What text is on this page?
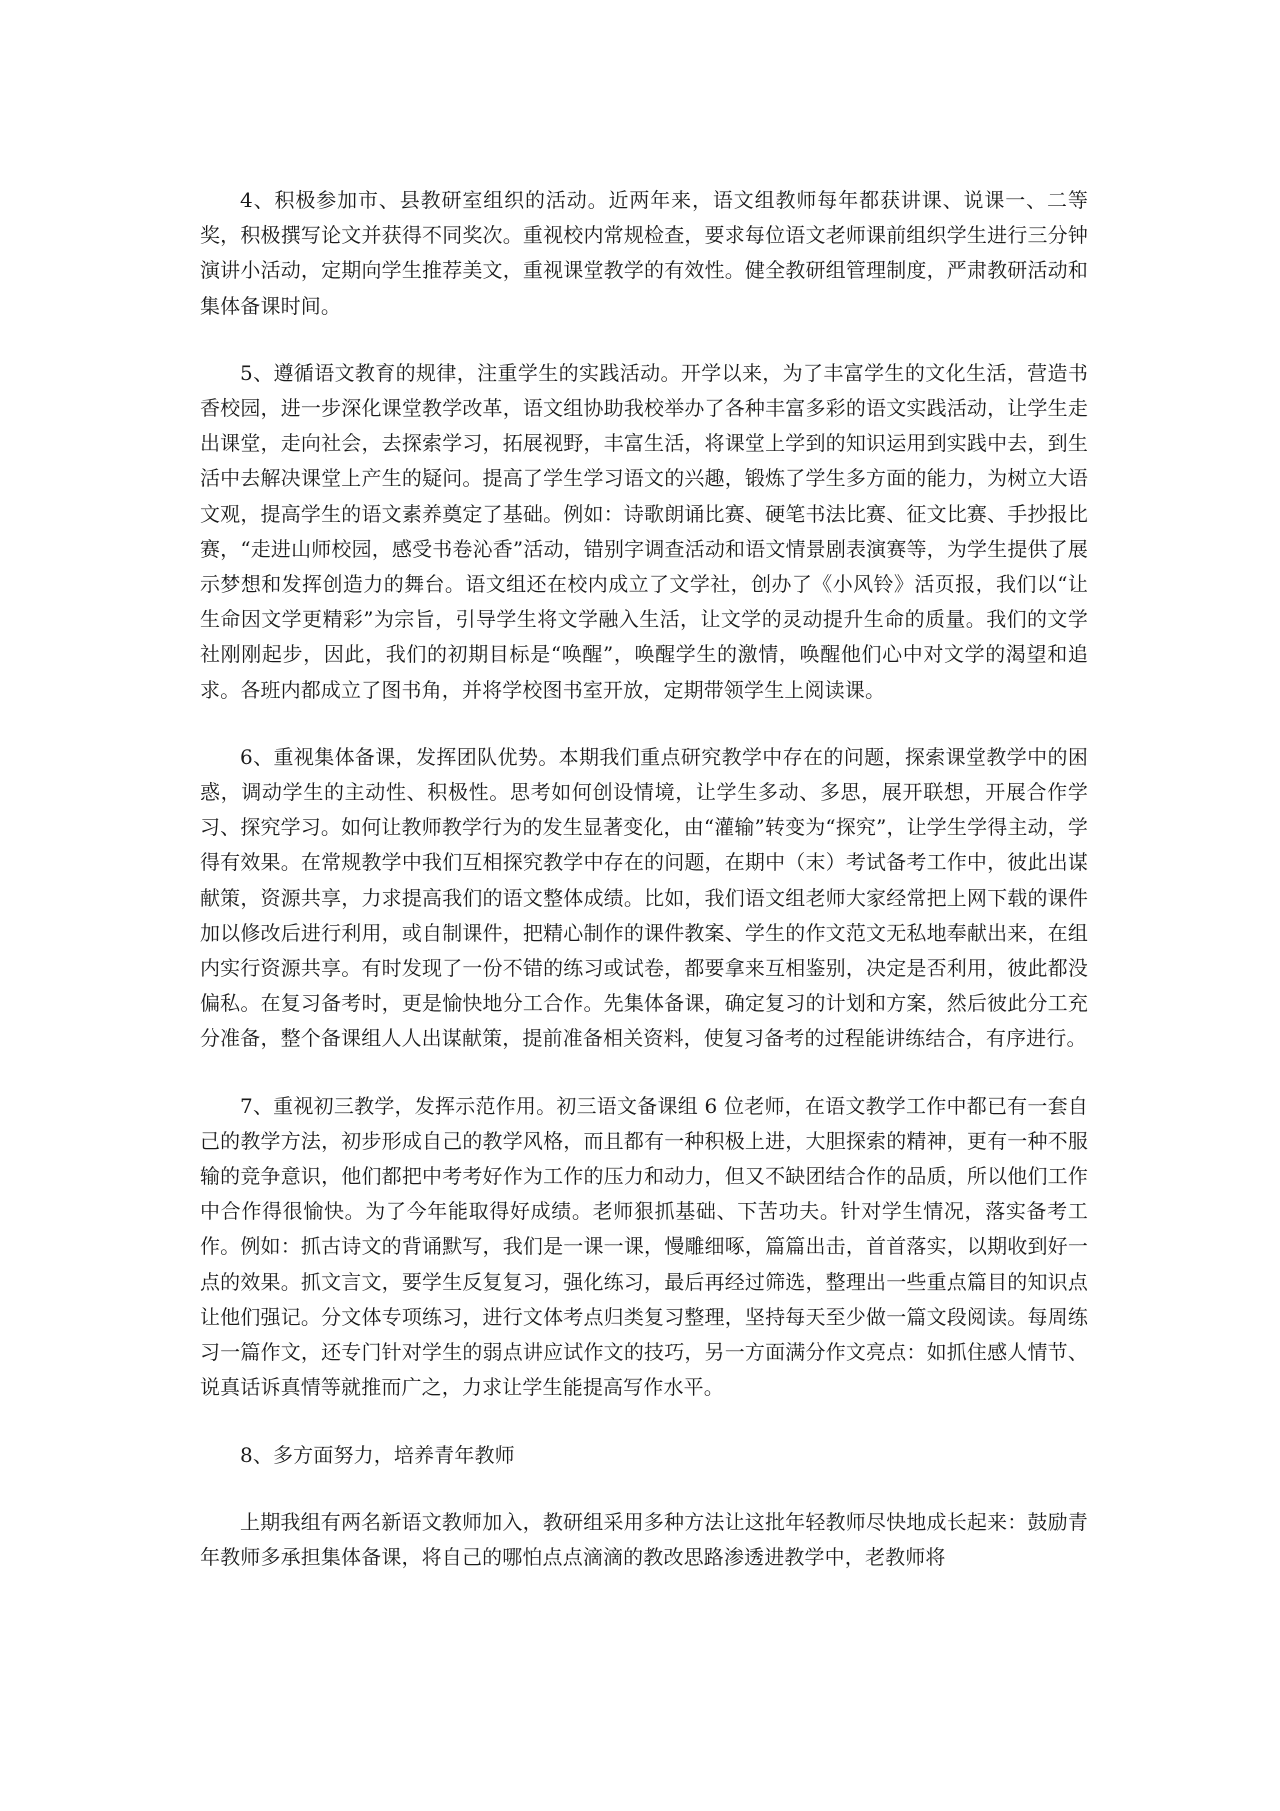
4、积极参加市、县教研室组织的活动。近两年来，语文组教师每年都获讲课、说课一、二等奖，积极撰写论文并获得不同奖次。重视校内常规检查，要求每位语文老师课前组织学生进行三分钟演讲小活动，定期向学生推荐美文，重视课堂教学的有效性。健全教研组管理制度，严肃教研活动和集体备课时间。

5、遵循语文教育的规律，注重学生的实践活动。开学以来，为了丰富学生的文化生活，营造书香校园，进一步深化课堂教学改革，语文组协助我校举办了各种丰富多彩的语文实践活动，让学生走出课堂，走向社会，去探索学习，拓展视野，丰富生活，将课堂上学到的知识运用到实践中去，到生活中去解决课堂上产生的疑问。提高了学生学习语文的兴趣，锻炼了学生多方面的能力，为树立大语文观，提高学生的语文素养奠定了基础。例如：诗歌朗诵比赛、硬笔书法比赛、征文比赛、手抄报比赛，“走进山师校园，感受书卷沁香”活动，错别字调查活动和语文情景剧表演赛等，为学生提供了展示梦想和发挥创造力的舞台。语文组还在校内成立了文学社，创办了《小风铃》活页报，我们以“让生命因文学更精彩”为宗旨，引导学生将文学融入生活，让文学的灵动提升生命的质量。我们的文学社刚刚起步，因此，我们的初期目标是“唤醒”，唤醒学生的激情，唤醒他们心中对文学的渴望和追求。各班内都成立了图书角，并将学校图书室开放，定期带领学生上阅读课。

6、重视集体备课，发挥团队优势。本期我们重点研究教学中存在的问题，探索课堂教学中的困惑，调动学生的主动性、积极性。思考如何创设情境，让学生多动、多思，展开联想，开展合作学习、探究学习。如何让教师教学行为的发生显著变化，由“灌输”转变为“探究”，让学生学得主动，学得有效果。在常规教学中我们互相探究教学中存在的问题，在期中（末）考试备考工作中，彼此出谋献策，资源共享，力求提高我们的语文整体成绩。比如，我们语文组老师大家经常把上网下载的课件加以修改后进行利用，或自制课件，把精心制作的课件教案、学生的作文范文无私地奉献出来，在组内实行资源共享。有时发现了一份不错的练习或试卷，都要拿来互相鉴别，决定是否利用，彼此都没偏私。在复习备考时，更是愉快地分工合作。先集体备课，确定复习的计划和方案，然后彼此分工充分准备，整个备课组人人出谋献策，提前准备相关资料，使复习备考的过程能讲练结合，有序进行。

7、重视初三教学，发挥示范作用。初三语文备课组 6 位老师，在语文教学工作中都已有一套自己的教学方法，初步形成自己的教学风格，而且都有一种积极上进，大胆探索的精神，更有一种不服输的竞争意识，他们都把中考考好作为工作的压力和动力，但又不缺团结合作的品质，所以他们工作中合作得很愉快。为了今年能取得好成绩。老师狠抓基础、下苦功夫。针对学生情况，落实备考工作。例如：抓古诗文的背诵默写，我们是一课一课，慢雕细啄，篇篇出击，首首落实，以期收到好一点的效果。抓文言文，要学生反复复习，强化练习，最后再经过筛选，整理出一些重点篇目的知识点让他们强记。分文体专项练习，进行文体考点归类复习整理，坚持每天至少做一篇文段阅读。每周练习一篇作文，还专门针对学生的弱点讲应试作文的技巧，另一方面满分作文亮点：如抓住感人情节、说真话诉真情等就推而广之，力求让学生能提高写作水平。

8、多方面努力，培养青年教师

上期我组有两名新语文教师加入，教研组采用多种方法让这批年轻教师尽快地成长起来：鼓励青年教师多承担集体备课，将自己的哪怕点点滴滴的教改思路渗透进教学中，老教师将
